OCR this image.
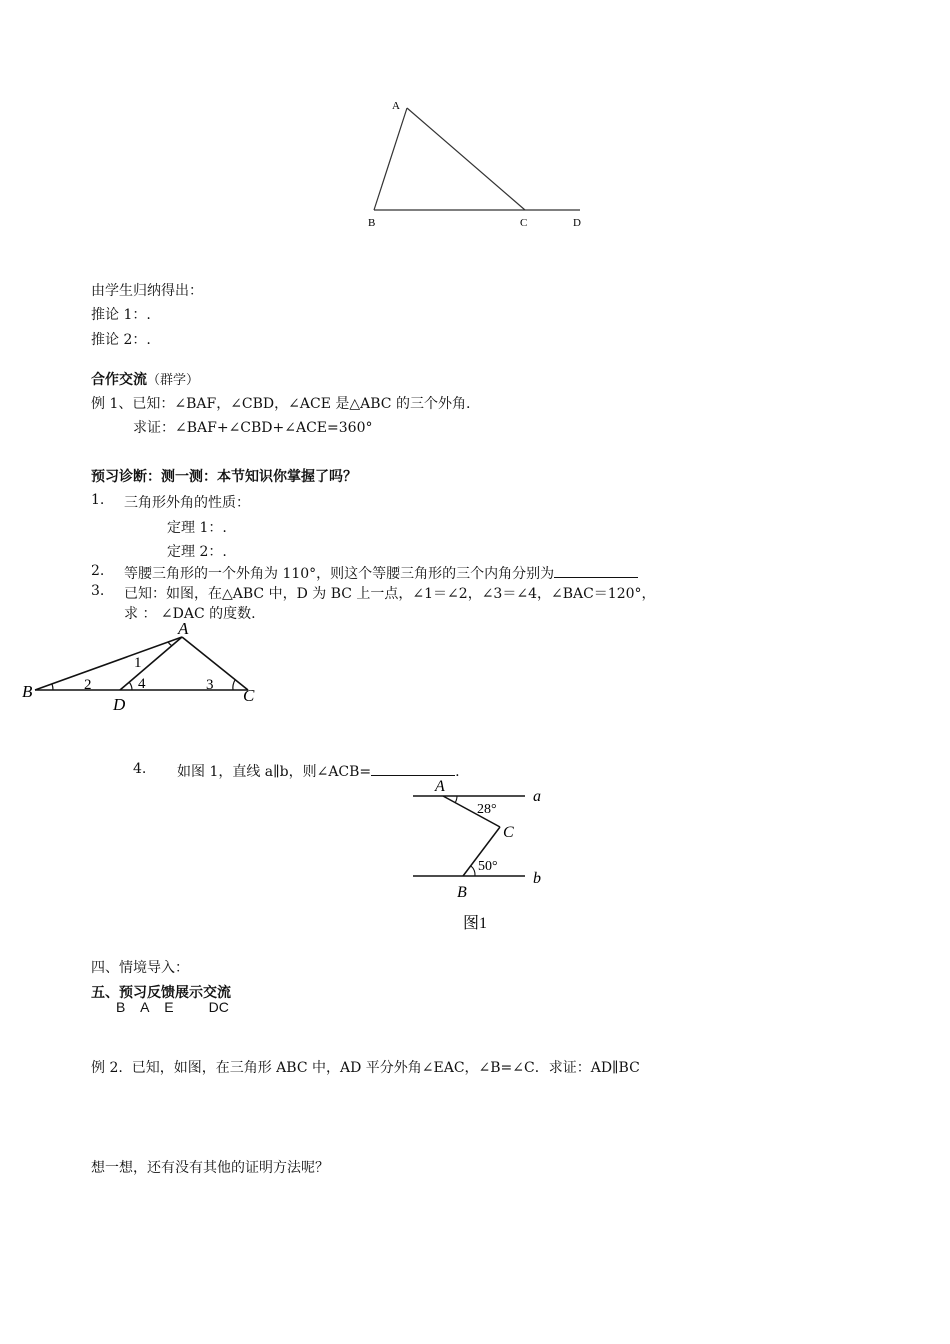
A
B	C	D
由学生归纳得出：
推论 1：.
推论 2：.
合作交流（群学）
例 1、已知：∠BAF，∠CBD，∠ACE 是△ABC 的三个外角.
求证：∠BAF+∠CBD+∠ACE=360°
预习诊断：测一测：本节知识你掌握了吗？
1. 三角形外角的性质：
定理 1：.
定理 2：.
2. 等腰三角形的一个外角为 110°，则这个等腰三角形的三个内角分别为
3. 已知：如图，在△ABC 中，D 为 BC 上一点，∠1＝∠2，∠3＝∠4，∠BAC＝120°，
求 ： ∠DAC 的度数.
A
B	C
D
1
2	4	3
4. 如图 1，直线 a∥b，则∠ACB=	.
A
C
B
a
b
28°
50°
图1
四、情境导入：
五、预习反馈展示交流
B    A    E         DC
例 2.  已知，如图，在三角形 ABC 中，AD 平分外角∠EAC，∠B=∠C．求证：AD∥BC
想一想，还有没有其他的证明方法呢？
